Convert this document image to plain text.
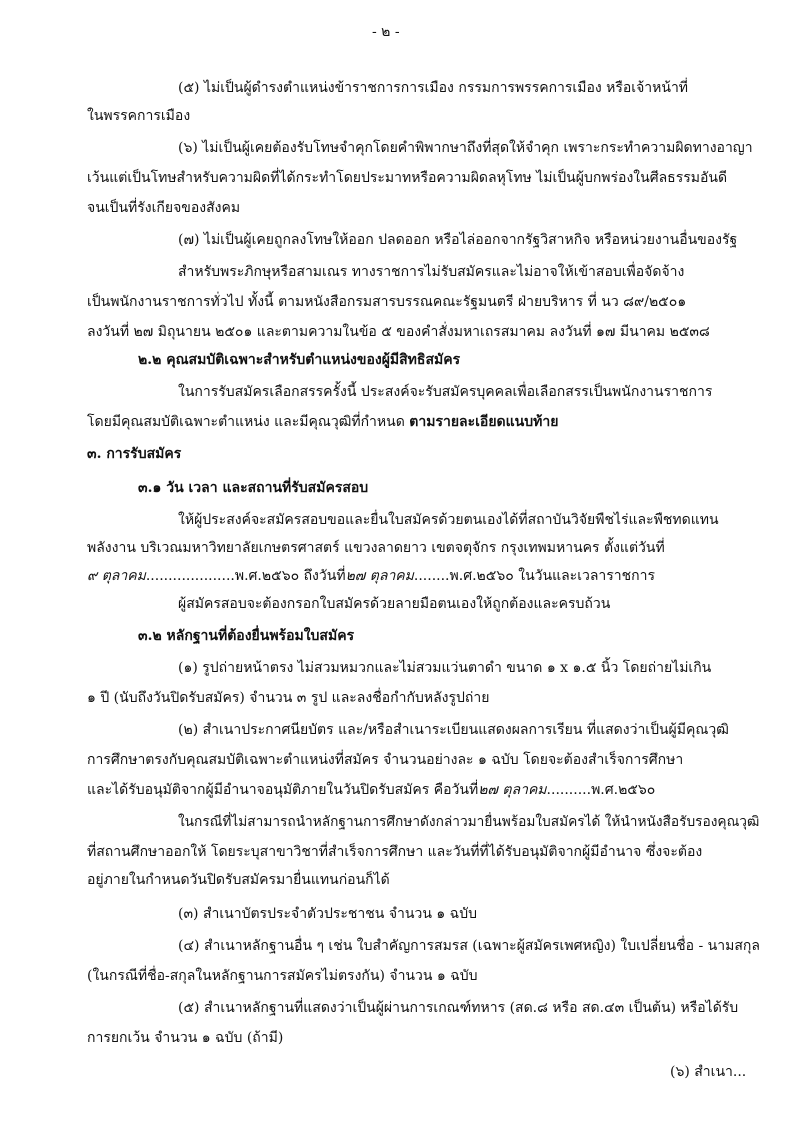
- ๒ -
(๕) ไม่เป็นผู้ดำรงตำแหน่งข้าราชการการเมือง กรรมการพรรคการเมือง หรือเจ้าหน้าที่
ในพรรคการเมือง
(๖) ไม่เป็นผู้เคยต้องรับโทษจำคุกโดยคำพิพากษาถึงที่สุดให้จำคุก เพราะกระทำความผิดทางอาญา
เว้นแต่เป็นโทษสำหรับความผิดที่ได้กระทำโดยประมาทหรือความผิดลหุโทษ ไม่เป็นผู้บกพร่องในศีลธรรมอันดี
จนเป็นที่รังเกียจของสังคม
(๗) ไม่เป็นผู้เคยถูกลงโทษให้ออก ปลดออก หรือไล่ออกจากรัฐวิสาหกิจ หรือหน่วยงานอื่นของรัฐ
สำหรับพระภิกษุหรือสามเณร ทางราชการไม่รับสมัครและไม่อาจให้เข้าสอบเพื่อจัดจ้าง
เป็นพนักงานราชการทั่วไป ทั้งนี้ ตามหนังสือกรมสารบรรณคณะรัฐมนตรี ฝ่ายบริหาร ที่ นว ๘๙/๒๕๐๑
ลงวันที่ ๒๗ มิถุนายน ๒๕๐๑ และตามความในข้อ ๕ ของคำสั่งมหาเถรสมาคม ลงวันที่ ๑๗ มีนาคม ๒๕๓๘
๒.๒ คุณสมบัติเฉพาะสำหรับตำแหน่งของผู้มีสิทธิสมัคร
ในการรับสมัครเลือกสรรครั้งนี้ ประสงค์จะรับสมัครบุคคลเพื่อเลือกสรรเป็นพนักงานราชการ
โดยมีคุณสมบัติเฉพาะตำแหน่ง และมีคุณวุฒิที่กำหนด ตามรายละเอียดแนบท้าย
๓. การรับสมัคร
๓.๑ วัน เวลา และสถานที่รับสมัครสอบ
ให้ผู้ประสงค์จะสมัครสอบขอและยื่นใบสมัครด้วยตนเองได้ที่สถาบันวิจัยพืชไร่และพืชทดแทน
พลังงาน บริเวณมหาวิทยาลัยเกษตรศาสตร์ แขวงลาดยาว เขตจตุจักร กรุงเทพมหานคร ตั้งแต่วันที่
๙ ตุลาคม....................พ.ศ.๒๕๖๐ ถึงวันที่๒๗ ตุลาคม........พ.ศ.๒๕๖๐ ในวันและเวลาราชการ
ผู้สมัครสอบจะต้องกรอกใบสมัครด้วยลายมือตนเองให้ถูกต้องและครบถ้วน
๓.๒ หลักฐานที่ต้องยื่นพร้อมใบสมัคร
(๑) รูปถ่ายหน้าตรง ไม่สวมหมวกและไม่สวมแว่นตาดำ ขนาด ๑ x ๑.๕ นิ้ว โดยถ่ายไม่เกิน
๑ ปี (นับถึงวันปิดรับสมัคร) จำนวน ๓ รูป และลงชื่อกำกับหลังรูปถ่าย
(๒) สำเนาประกาศนียบัตร และ/หรือสำเนาระเบียนแสดงผลการเรียน ที่แสดงว่าเป็นผู้มีคุณวุฒิ
การศึกษาตรงกับคุณสมบัติเฉพาะตำแหน่งที่สมัคร จำนวนอย่างละ ๑ ฉบับ โดยจะต้องสำเร็จการศึกษา
และได้รับอนุมัติจากผู้มีอำนาจอนุมัติภายในวันปิดรับสมัคร คือวันที่๒๗ ตุลาคม..........พ.ศ.๒๕๖๐
ในกรณีที่ไม่สามารถนำหลักฐานการศึกษาดังกล่าวมายื่นพร้อมใบสมัครได้ ให้นำหนังสือรับรองคุณวุฒิ
ที่สถานศึกษาออกให้ โดยระบุสาขาวิชาที่สำเร็จการศึกษา และวันที่ที่ได้รับอนุมัติจากผู้มีอำนาจ ซึ่งจะต้อง
อยู่ภายในกำหนดวันปิดรับสมัครมายื่นแทนก่อนก็ได้
(๓) สำเนาบัตรประจำตัวประชาชน จำนวน ๑ ฉบับ
(๔) สำเนาหลักฐานอื่น ๆ เช่น ใบสำคัญการสมรส (เฉพาะผู้สมัครเพศหญิง) ใบเปลี่ยนชื่อ - นามสกุล
(ในกรณีที่ชื่อ-สกุลในหลักฐานการสมัครไม่ตรงกัน) จำนวน ๑ ฉบับ
(๕) สำเนาหลักฐานที่แสดงว่าเป็นผู้ผ่านการเกณฑ์ทหาร (สด.๘ หรือ สด.๔๓ เป็นต้น) หรือได้รับ
การยกเว้น จำนวน ๑ ฉบับ (ถ้ามี)
(๖) สำเนา...
